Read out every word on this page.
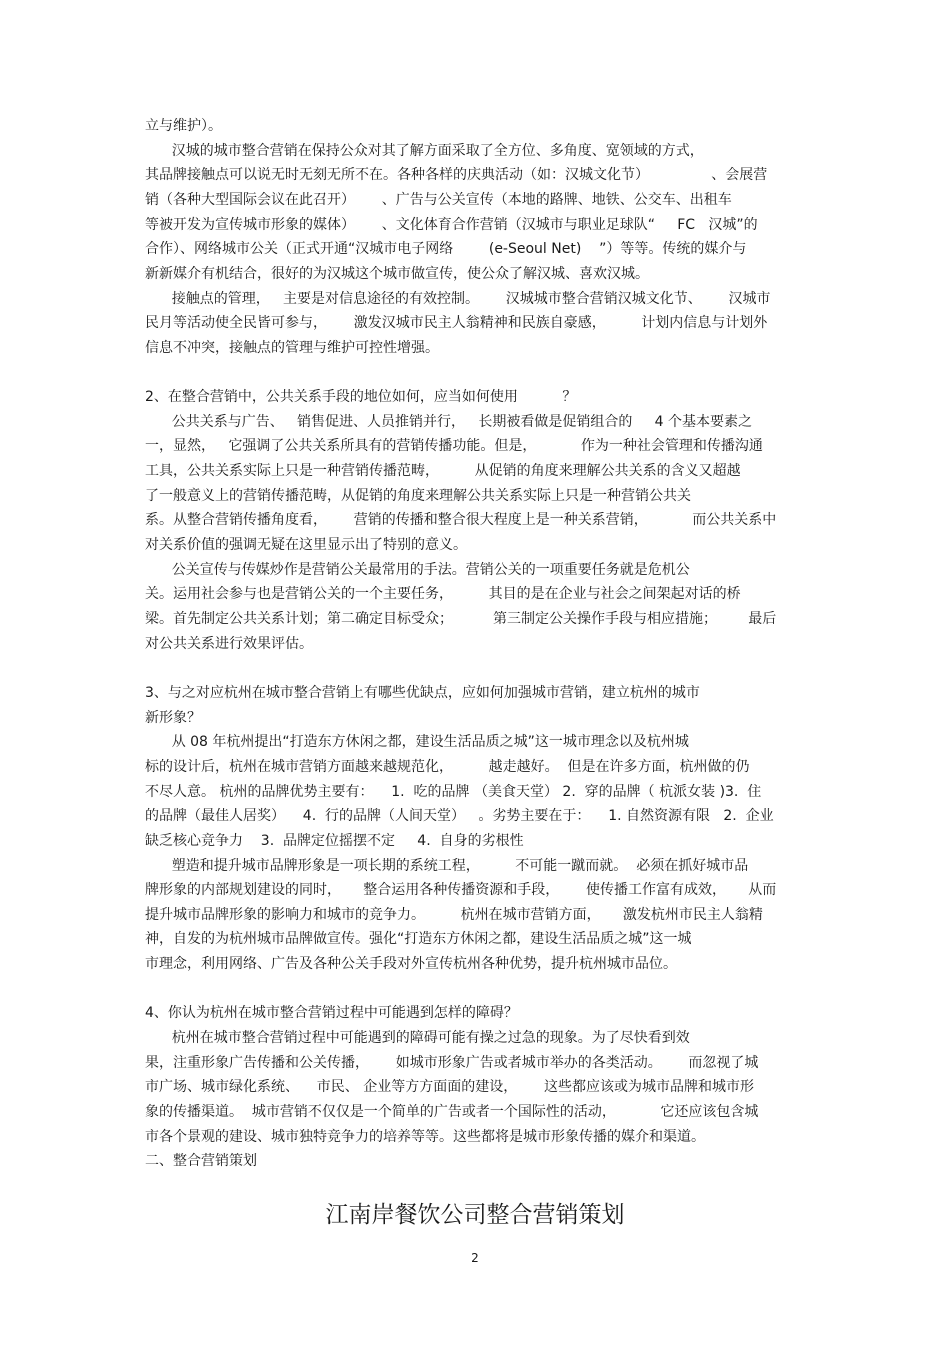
立与维护）。
汉城的城市整合营销在保持公众对其了解方面采取了全方位、多角度、宽领域的方式，
其品牌接触点可以说无时无刻无所不在。各种各样的庆典活动（如：汉城文化节）              、会展营
销（各种大型国际会议在此召开）      、广告与公关宣传（本地的路牌、地铁、公交车、出租车
等被开发为宣传城市形象的媒体）      、文化体育合作营销（汉城市与职业足球队“     FC   汉城”的
合作）、网络城市公关（正式开通“汉城市电子网络        (e-Seoul Net)    ”）等等。传统的媒介与
新新媒介有机结合，很好的为汉城这个城市做宣传，使公众了解汉城、喜欢汉城。
接触点的管理，   主要是对信息途径的有效控制。      汉城城市整合营销汉城文化节、      汉城市
民月等活动使全民皆可参与，      激发汉城市民主人翁精神和民族自豪感，        计划内信息与计划外
信息不冲突，接触点的管理与维护可控性增强。
2、在整合营销中，公共关系手段的地位如何，应当如何使用          ？
公共关系与广告、   销售促进、人员推销并行，   长期被看做是促销组合的     4 个基本要素之
一，显然，   它强调了公共关系所具有的营销传播功能。但是，          作为一种社会管理和传播沟通
工具，公共关系实际上只是一种营销传播范畴，        从促销的角度来理解公共关系的含义又超越
了一般意义上的营销传播范畴，从促销的角度来理解公共关系实际上只是一种营销公共关
系。从整合营销传播角度看，      营销的传播和整合很大程度上是一种关系营销，          而公共关系中
对关系价值的强调无疑在这里显示出了特别的意义。
公关宣传与传媒炒作是营销公关最常用的手法。营销公关的一项重要任务就是危机公
关。运用社会参与也是营销公关的一个主要任务，        其目的是在企业与社会之间架起对话的桥
梁。首先制定公共关系计划；第二确定目标受众；         第三制定公关操作手段与相应措施；       最后
对公共关系进行效果评估。
3、与之对应杭州在城市整合营销上有哪些优缺点，应如何加强城市营销，建立杭州的城市
新形象？
从 08 年杭州提出“打造东方休闲之都，建设生活品质之城”这一城市理念以及杭州城
标的设计后，杭州在城市营销方面越来越规范化，        越走越好。  但是在许多方面，杭州做的仍
不尽人意。 杭州的品牌优势主要有：    1.  吃的品牌 （美食天堂） 2.  穿的品牌（ 杭派女装 )3.  住
的品牌（最佳人居奖）    4.  行的品牌（人间天堂）   。劣势主要在于：    1. 自然资源有限   2.  企业
缺乏核心竞争力    3.  品牌定位摇摆不定     4.  自身的劣根性
塑造和提升城市品牌形象是一项长期的系统工程，        不可能一蹴而就。  必须在抓好城市品
牌形象的内部规划建设的同时，     整合运用各种传播资源和手段，      使传播工作富有成效，     从而
提升城市品牌形象的影响力和城市的竞争力。        杭州在城市营销方面，     激发杭州市民主人翁精
神，自发的为杭州城市品牌做宣传。强化“打造东方休闲之都，建设生活品质之城”这一城
市理念，利用网络、广告及各种公关手段对外宣传杭州各种优势，提升杭州城市品位。
4、你认为杭州在城市整合营销过程中可能遇到怎样的障碍？
杭州在城市整合营销过程中可能遇到的障碍可能有操之过急的现象。为了尽快看到效
果，注重形象广告传播和公关传播，      如城市形象广告或者城市举办的各类活动。      而忽视了城
市广场、城市绿化系统、    市民、 企业等方方面面的建设，      这些都应该或为城市品牌和城市形
象的传播渠道。  城市营销不仅仅是一个简单的广告或者一个国际性的活动，          它还应该包含城
市各个景观的建设、城市独特竞争力的培养等等。这些都将是城市形象传播的媒介和渠道。
二、整合营销策划
江南岸餐饮公司整合营销策划
2
